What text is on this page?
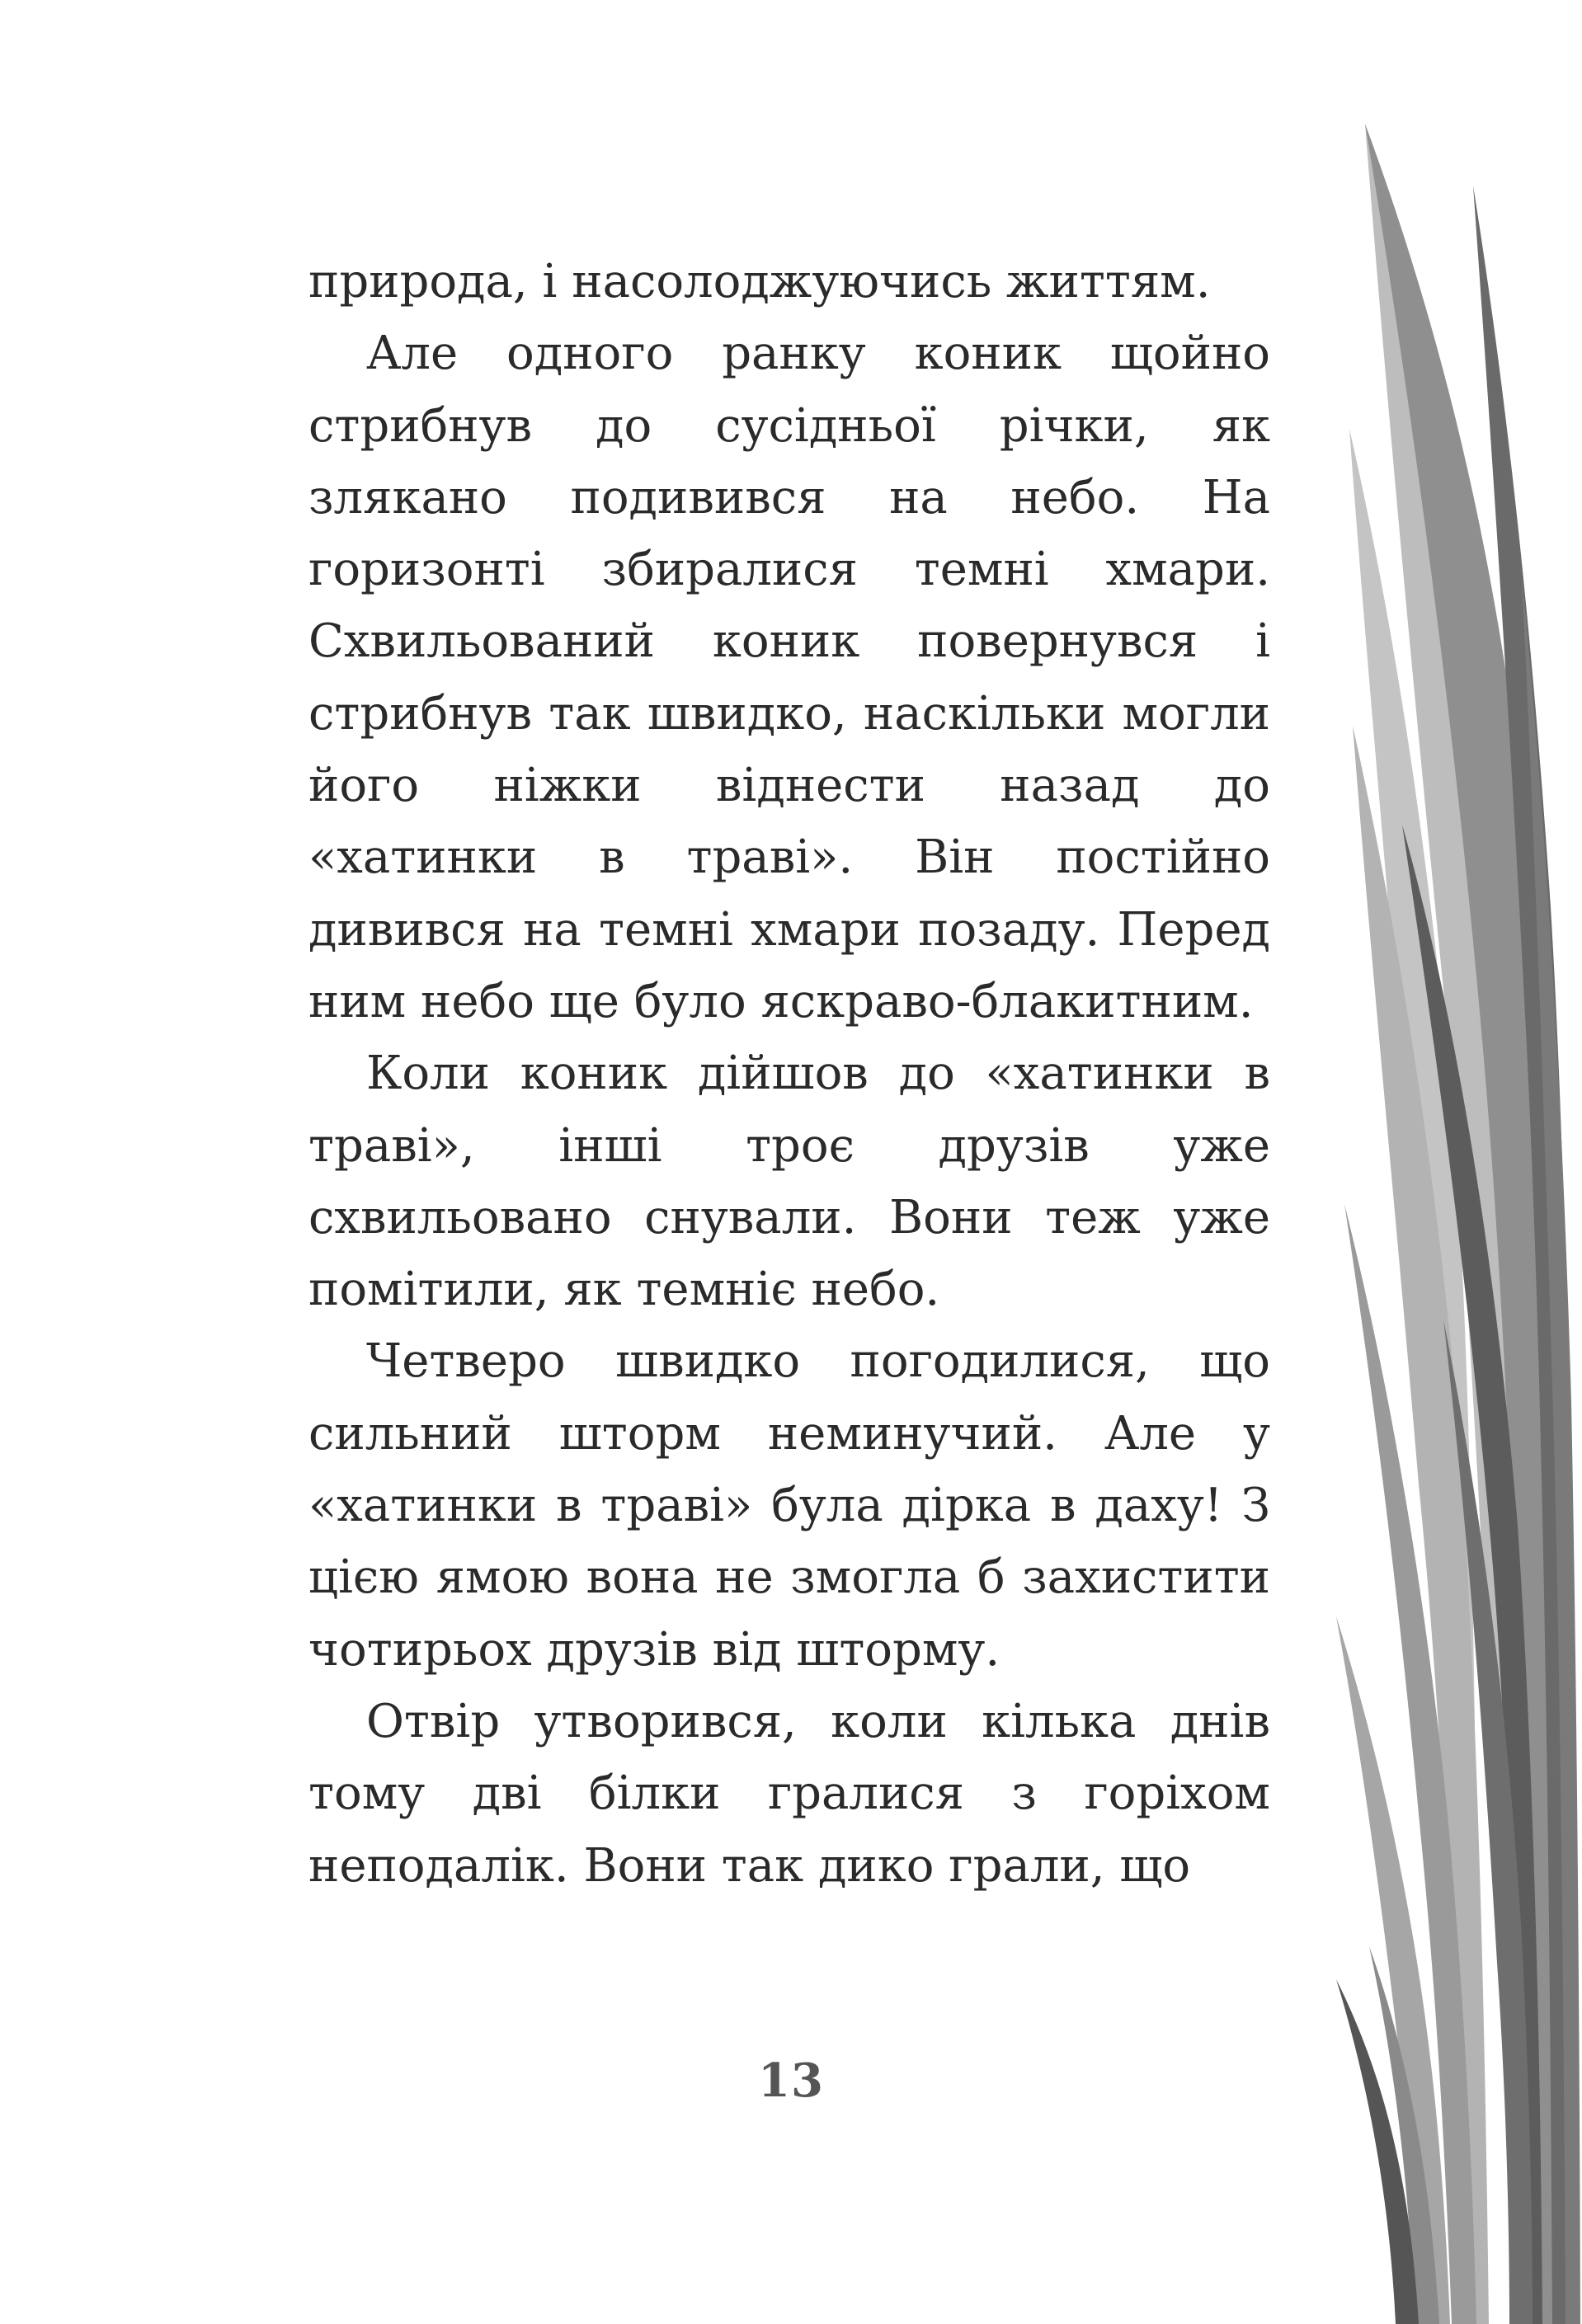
природа, і насолоджуючись життям.

Але одного ранку коник щойно стрибнув до сусідньої річки, як злякано подивився на небо. На горизонті збиралися темні хмари. Схвильований коник повернувся і стрибнув так швидко, наскільки могли його ніжки віднести назад до «хатинки в траві». Він постійно дивився на темні хмари позаду. Перед ним небо ще було яскраво-блакитним.

Коли коник дійшов до «хатинки в траві», інші троє друзів уже схвильовано снували. Вони теж уже помітили, як темніє небо.

Четверо швидко погодилися, що сильний шторм неминучий. Але у «хатинки в траві» була дірка в даху! З цією ямою вона не змогла б захистити чотирьох друзів від шторму.

Отвір утворився, коли кілька днів тому дві білки гралися з горіхом неподалік. Вони так дико грали, що

13
